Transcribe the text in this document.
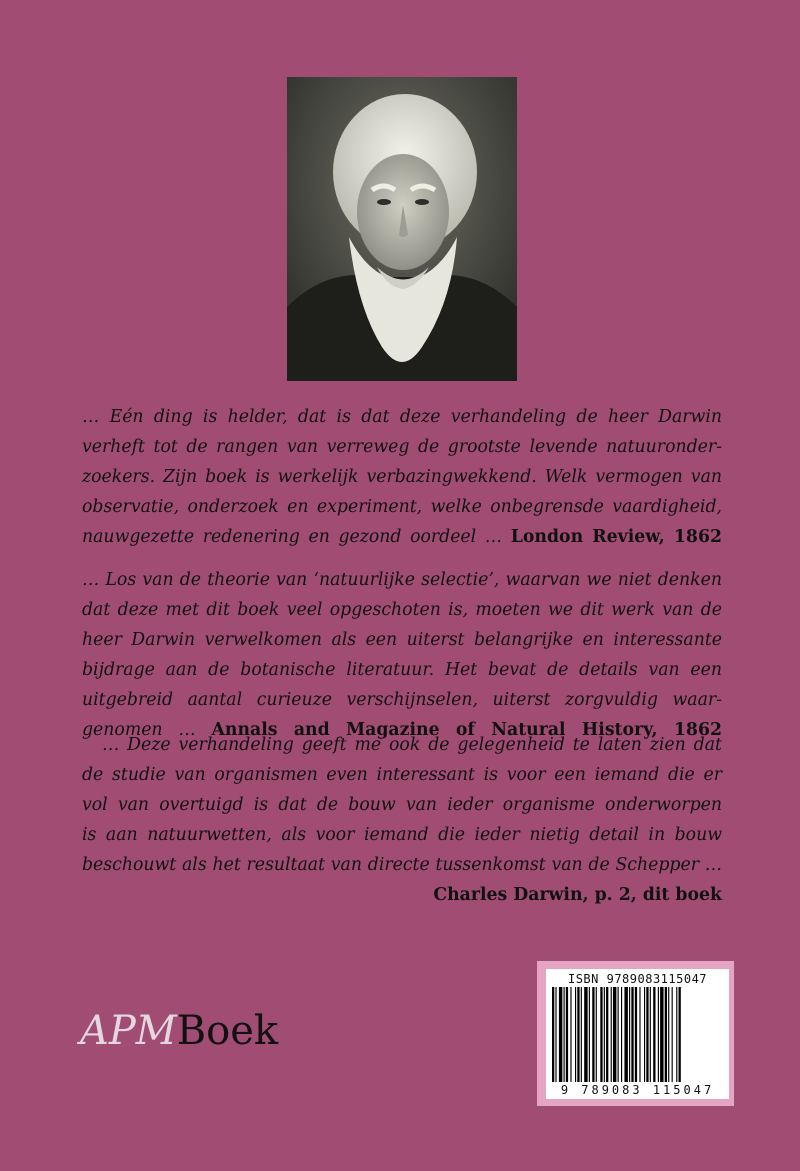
… Eén ding is helder, dat is dat deze verhandeling de heer Darwin
verheft tot de rangen van verreweg de grootste levende natuuronder-
zoekers. Zijn boek is werkelijk verbazingwekkend. Welk vermogen van
observatie, onderzoek en experiment, welke onbegrensde vaardigheid,
nauwgezette redenering en gezond oordeel … London Review, 1862
… Los van de theorie van ‘natuurlijke selectie’, waarvan we niet denken
dat deze met dit boek veel opgeschoten is, moeten we dit werk van de
heer Darwin verwelkomen als een uiterst belangrijke en interessante
bijdrage aan de botanische literatuur. Het bevat de details van een
uitgebreid aantal curieuze verschijnselen, uiterst zorgvuldig waar-
genomen … Annals and Magazine of Natural History, 1862
… Deze verhandeling geeft me ook de gelegenheid te laten zien dat
de studie van organismen even interessant is voor een iemand die er
vol van overtuigd is dat de bouw van ieder organisme onderworpen
is aan natuurwetten, als voor iemand die ieder nietig detail in bouw
beschouwt als het resultaat van directe tussenkomst van de Schepper …
Charles Darwin, p. 2, dit boek
APMBoek
ISBN 9789083115047
9 789083 115047
